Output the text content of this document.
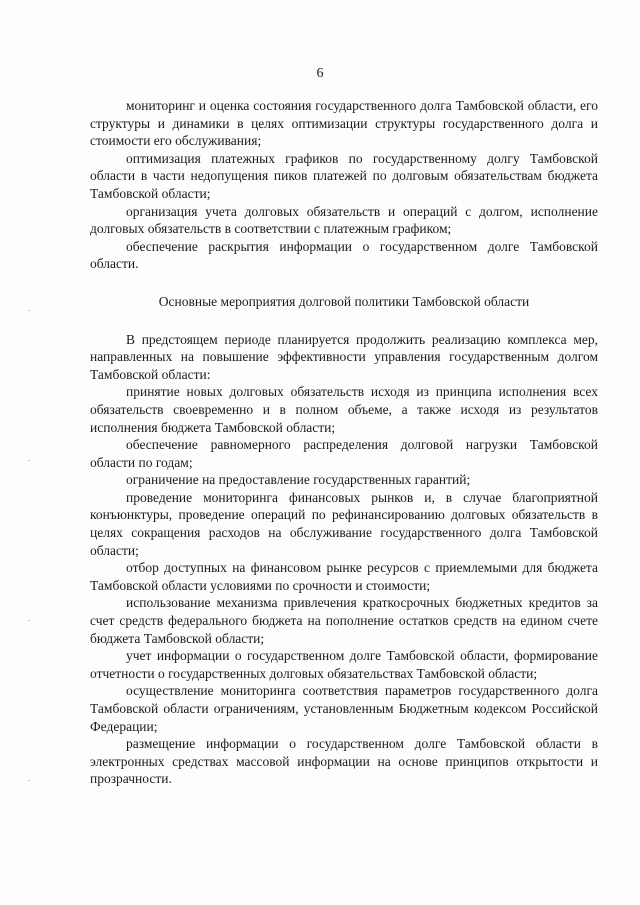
6

мониторинг и оценка состояния государственного долга Тамбовской области, его структуры и динамики в целях оптимизации структуры государственного долга и стоимости его обслуживания;

оптимизация платежных графиков по государственному долгу Тамбовской области в части недопущения пиков платежей по долговым обязательствам бюджета Тамбовской области;

организация учета долговых обязательств и операций с долгом, исполнение долговых обязательств в соответствии с платежным графиком;

обеспечение раскрытия информации о государственном долге Тамбовской области.

Основные мероприятия долговой политики Тамбовской области

В предстоящем периоде планируется продолжить реализацию комплекса мер, направленных на повышение эффективности управления государственным долгом Тамбовской области:

принятие новых долговых обязательств исходя из принципа исполнения всех обязательств своевременно и в полном объеме, а также исходя из результатов исполнения бюджета Тамбовской области;

обеспечение равномерного распределения долговой нагрузки Тамбовской области по годам;

ограничение на предоставление государственных гарантий;

проведение мониторинга финансовых рынков и, в случае благоприятной конъюнктуры, проведение операций по рефинансированию долговых обязательств в целях сокращения расходов на обслуживание государственного долга Тамбовской области;

отбор доступных на финансовом рынке ресурсов с приемлемыми для бюджета Тамбовской области условиями по срочности и стоимости;

использование механизма привлечения краткосрочных бюджетных кредитов за счет средств федерального бюджета на пополнение остатков средств на едином счете бюджета Тамбовской области;

учет информации о государственном долге Тамбовской области, формирование отчетности о государственных долговых обязательствах Тамбовской области;

осуществление мониторинга соответствия параметров государственного долга Тамбовской области ограничениям, установленным Бюджетным кодексом Российской Федерации;

размещение информации о государственном долге Тамбовской области в электронных средствах массовой информации на основе принципов открытости и прозрачности.
